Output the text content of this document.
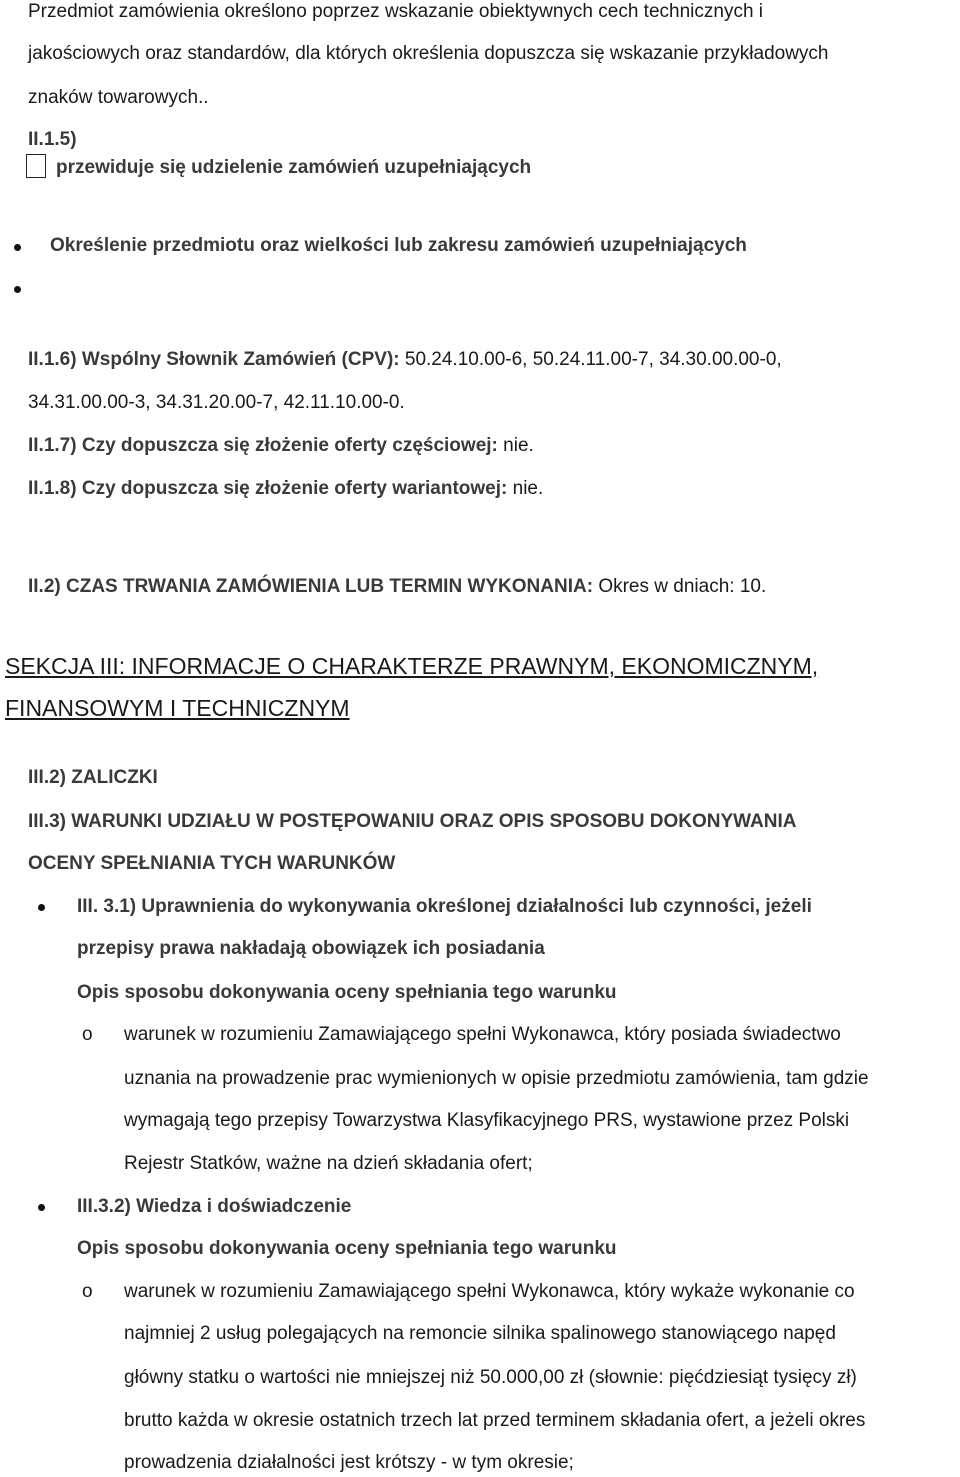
Przedmiot zamówienia określono poprzez wskazanie obiektywnych cech technicznych i
jakościowych oraz standardów, dla których określenia dopuszcza się wskazanie przykładowych
znaków towarowych..
II.1.5)
przewiduje się udzielenie zamówień uzupełniających
Określenie przedmiotu oraz wielkości lub zakresu zamówień uzupełniających
II.1.6) Wspólny Słownik Zamówień (CPV): 50.24.10.00-6, 50.24.11.00-7, 34.30.00.00-0,
34.31.00.00-3, 34.31.20.00-7, 42.11.10.00-0.
II.1.7) Czy dopuszcza się złożenie oferty częściowej: nie.
II.1.8) Czy dopuszcza się złożenie oferty wariantowej: nie.
II.2) CZAS TRWANIA ZAMÓWIENIA LUB TERMIN WYKONANIA: Okres w dniach: 10.
SEKCJA III: INFORMACJE O CHARAKTERZE PRAWNYM, EKONOMICZNYM,
FINANSOWYM I TECHNICZNYM
III.2) ZALICZKI
III.3) WARUNKI UDZIAŁU W POSTĘPOWANIU ORAZ OPIS SPOSOBU DOKONYWANIA
OCENY SPEŁNIANIA TYCH WARUNKÓW
III. 3.1) Uprawnienia do wykonywania określonej działalności lub czynności, jeżeli
przepisy prawa nakładają obowiązek ich posiadania
Opis sposobu dokonywania oceny spełniania tego warunku
o warunek w rozumieniu Zamawiającego spełni Wykonawca, który posiada świadectwo
uznania na prowadzenie prac wymienionych w opisie przedmiotu zamówienia, tam gdzie
wymagają tego przepisy Towarzystwa Klasyfikacyjnego PRS, wystawione przez Polski
Rejestr Statków, ważne na dzień składania ofert;
III.3.2) Wiedza i doświadczenie
Opis sposobu dokonywania oceny spełniania tego warunku
o warunek w rozumieniu Zamawiającego spełni Wykonawca, który wykaże wykonanie co
najmniej 2 usług polegających na remoncie silnika spalinowego stanowiącego napęd
główny statku o wartości nie mniejszej niż 50.000,00 zł (słownie: pięćdziesiąt tysięcy zł)
brutto każda w okresie ostatnich trzech lat przed terminem składania ofert, a jeżeli okres
prowadzenia działalności jest krótszy - w tym okresie;
